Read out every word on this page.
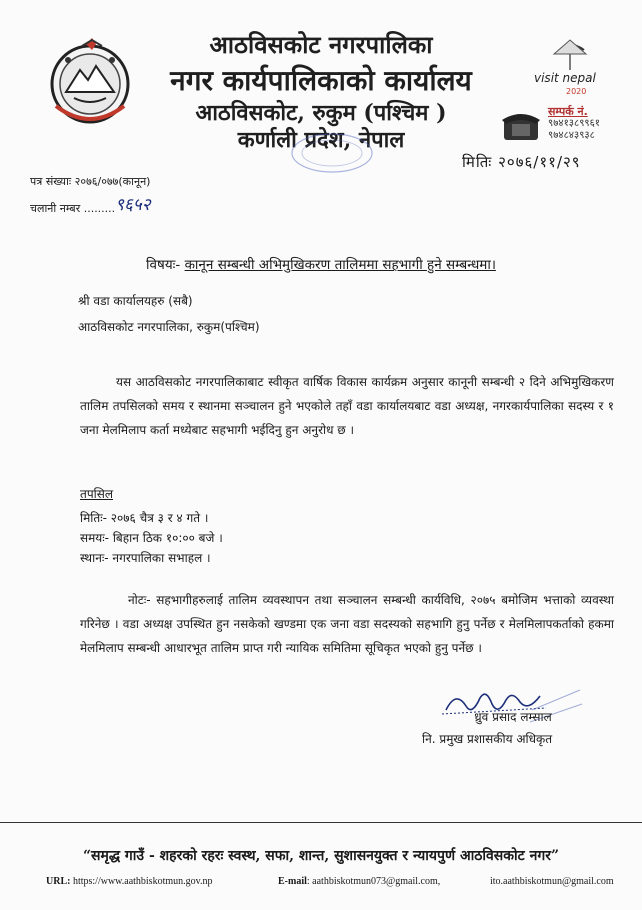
आठविसकोट नगरपालिका
नगर कार्यपालिकाको कार्यालय
आठविसकोट, रुकुम (पश्चिम )
कर्णाली प्रदेश, नेपाल
visit nepal
2020
सम्पर्क नं.
९७४१३८९९६१
९७४८४३९३८
मितिः २०७६/११/२९
पत्र संख्याः २०७६/०७७(कानून)
चलानी नम्बर .........९६५२
विषयः- कानून सम्बन्धी अभिमुखिकरण तालिममा सहभागी हुने सम्बन्धमा।
श्री वडा कार्यालयहरु (सबै)
आठविसकोट नगरपालिका, रुकुम(पश्चिम)
यस आठविसकोट नगरपालिकाबाट स्वीकृत वार्षिक विकास कार्यक्रम अनुसार कानूनी सम्बन्धी २ दिने अभिमुखिकरण तालिम तपसिलको समय र स्थानमा सञ्चालन हुने भएकोले तहाँ वडा कार्यालयबाट वडा अध्यक्ष, नगरकार्यपालिका सदस्य र १ जना मेलमिलाप कर्ता मध्येबाट सहभागी भईदिनु हुन अनुरोध छ ।
तपसिल
मितिः- २०७६ चैत्र ३ र ४ गते ।
समयः- बिहान ठिक १०:०० बजे ।
स्थानः- नगरपालिका सभाहल ।
नोटः- सहभागीहरुलाई तालिम व्यवस्थापन तथा सञ्चालन सम्बन्धी कार्यविधि, २०७५ बमोजिम भत्ताको व्यवस्था गरिनेछ । वडा अध्यक्ष उपस्थित हुन नसकेको खण्डमा एक जना वडा सदस्यको सहभागि हुनु पर्नेछ र मेलमिलापकर्ताको हकमा मेलमिलाप सम्बन्धी आधारभूत तालिम प्राप्त गरी न्यायिक समितिमा सूचिकृत भएको हुनु पर्नेछ ।
ध्रुव प्रसाद लम्साल
नि. प्रमुख प्रशासकीय अधिकृत
“समृद्ध गाउँ - शहरको रहरः स्वस्थ, सफा, शान्त, सुशासनयुक्त र न्यायपुर्ण आठविसकोट नगर”
URL: https://www.aathbiskotmun.gov.np	E-mail: aathbiskotmun073@gmail.com,	ito.aathbiskotmun@gmail.com
